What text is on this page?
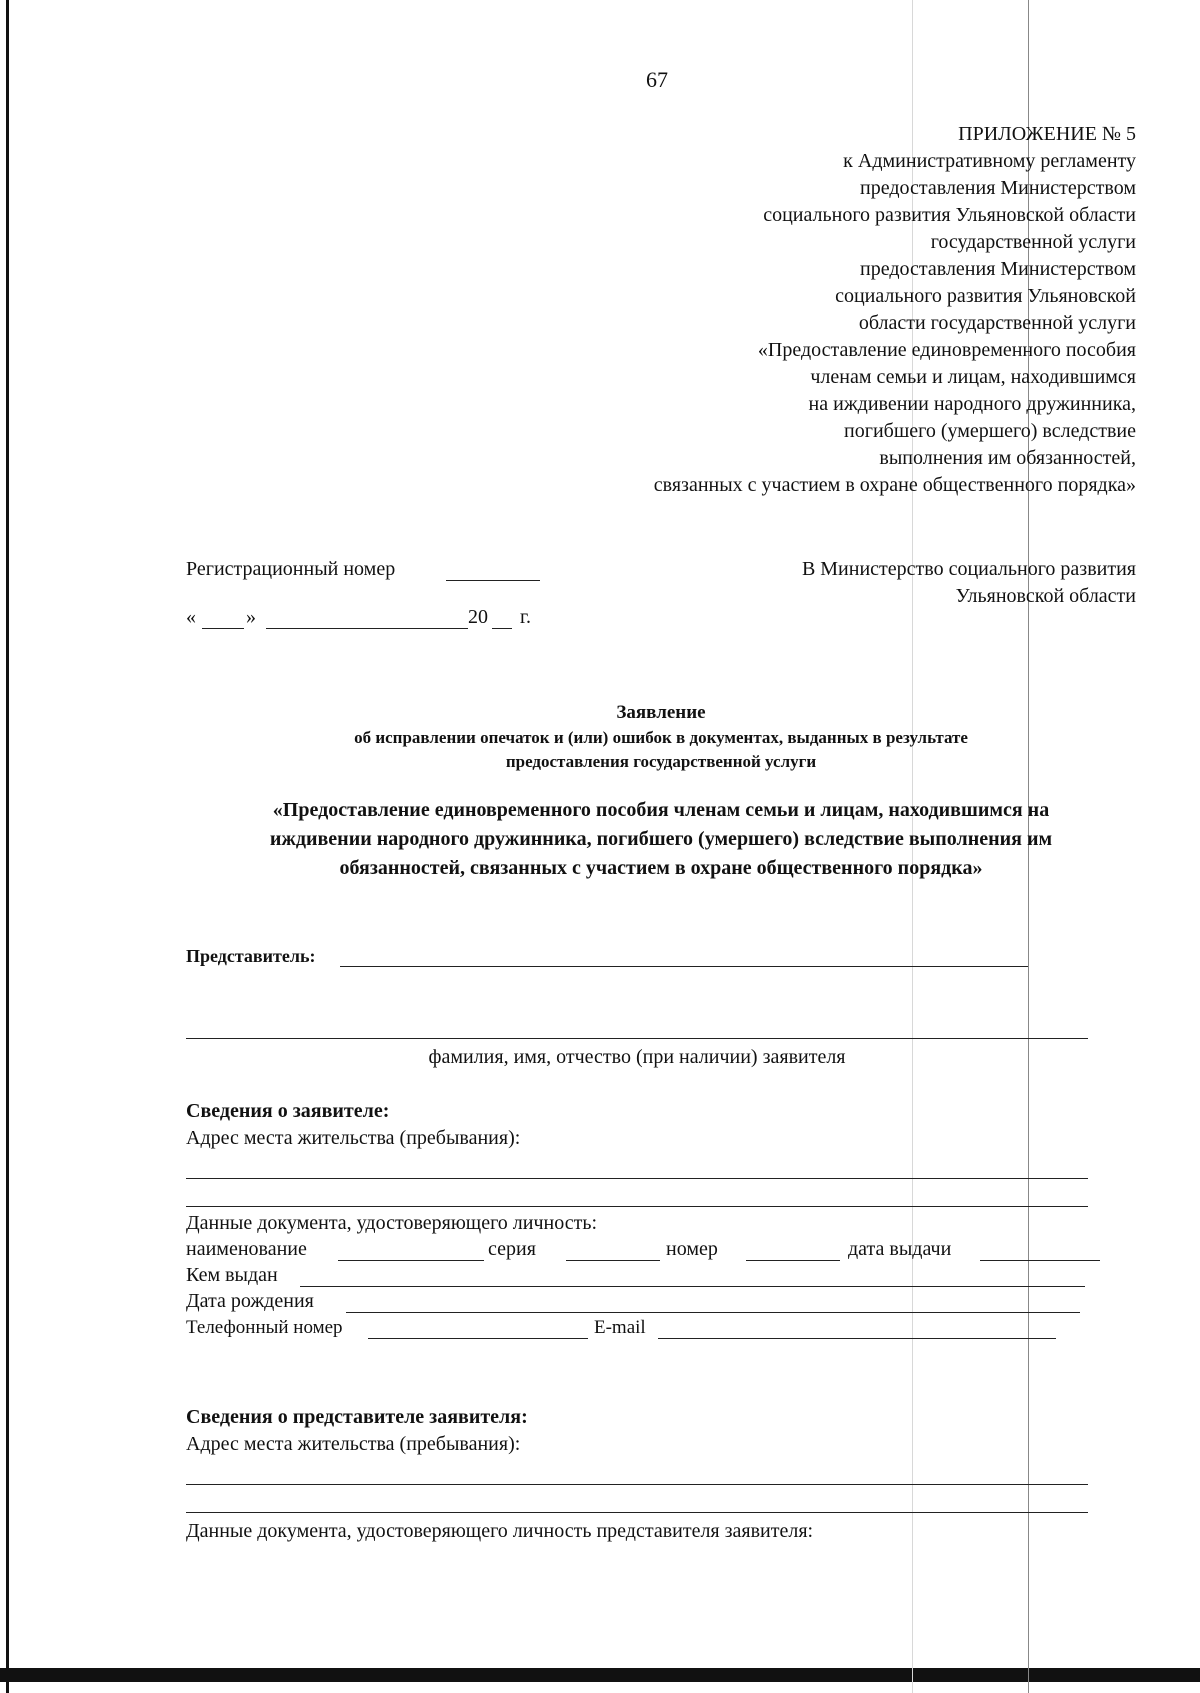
67
ПРИЛОЖЕНИЕ № 5
к Административному регламенту
предоставления Министерством
социального развития Ульяновской области
государственной услуги
предоставления Министерством
социального развития Ульяновской
области государственной услуги
«Предоставление единовременного пособия
членам семьи и лицам, находившимся
на иждивении народного дружинника,
погибшего (умершего) вследствие
выполнения им обязанностей,
связанных с участием в охране общественного порядка»
Регистрационный номер
«	»	20 г.
В Министерство социального развития
Ульяновской области
Заявление
об исправлении опечаток и (или) ошибок в документах, выданных в результате
предоставления государственной услуги
«Предоставление единовременного пособия членам семьи и лицам, находившимся на
иждивении народного дружинника, погибшего (умершего) вследствие выполнения им
обязанностей, связанных с участием в охране общественного порядка»
Представитель:
фамилия, имя, отчество (при наличии) заявителя
Сведения о заявителе:
Адрес места жительства (пребывания):
Данные документа, удостоверяющего личность:
наименование	серия	номер	дата выдачи
Кем выдан
Дата рождения
Телефонный номер	E-mail
Сведения о представителе заявителя:
Адрес места жительства (пребывания):
Данные документа, удостоверяющего личность представителя заявителя:
